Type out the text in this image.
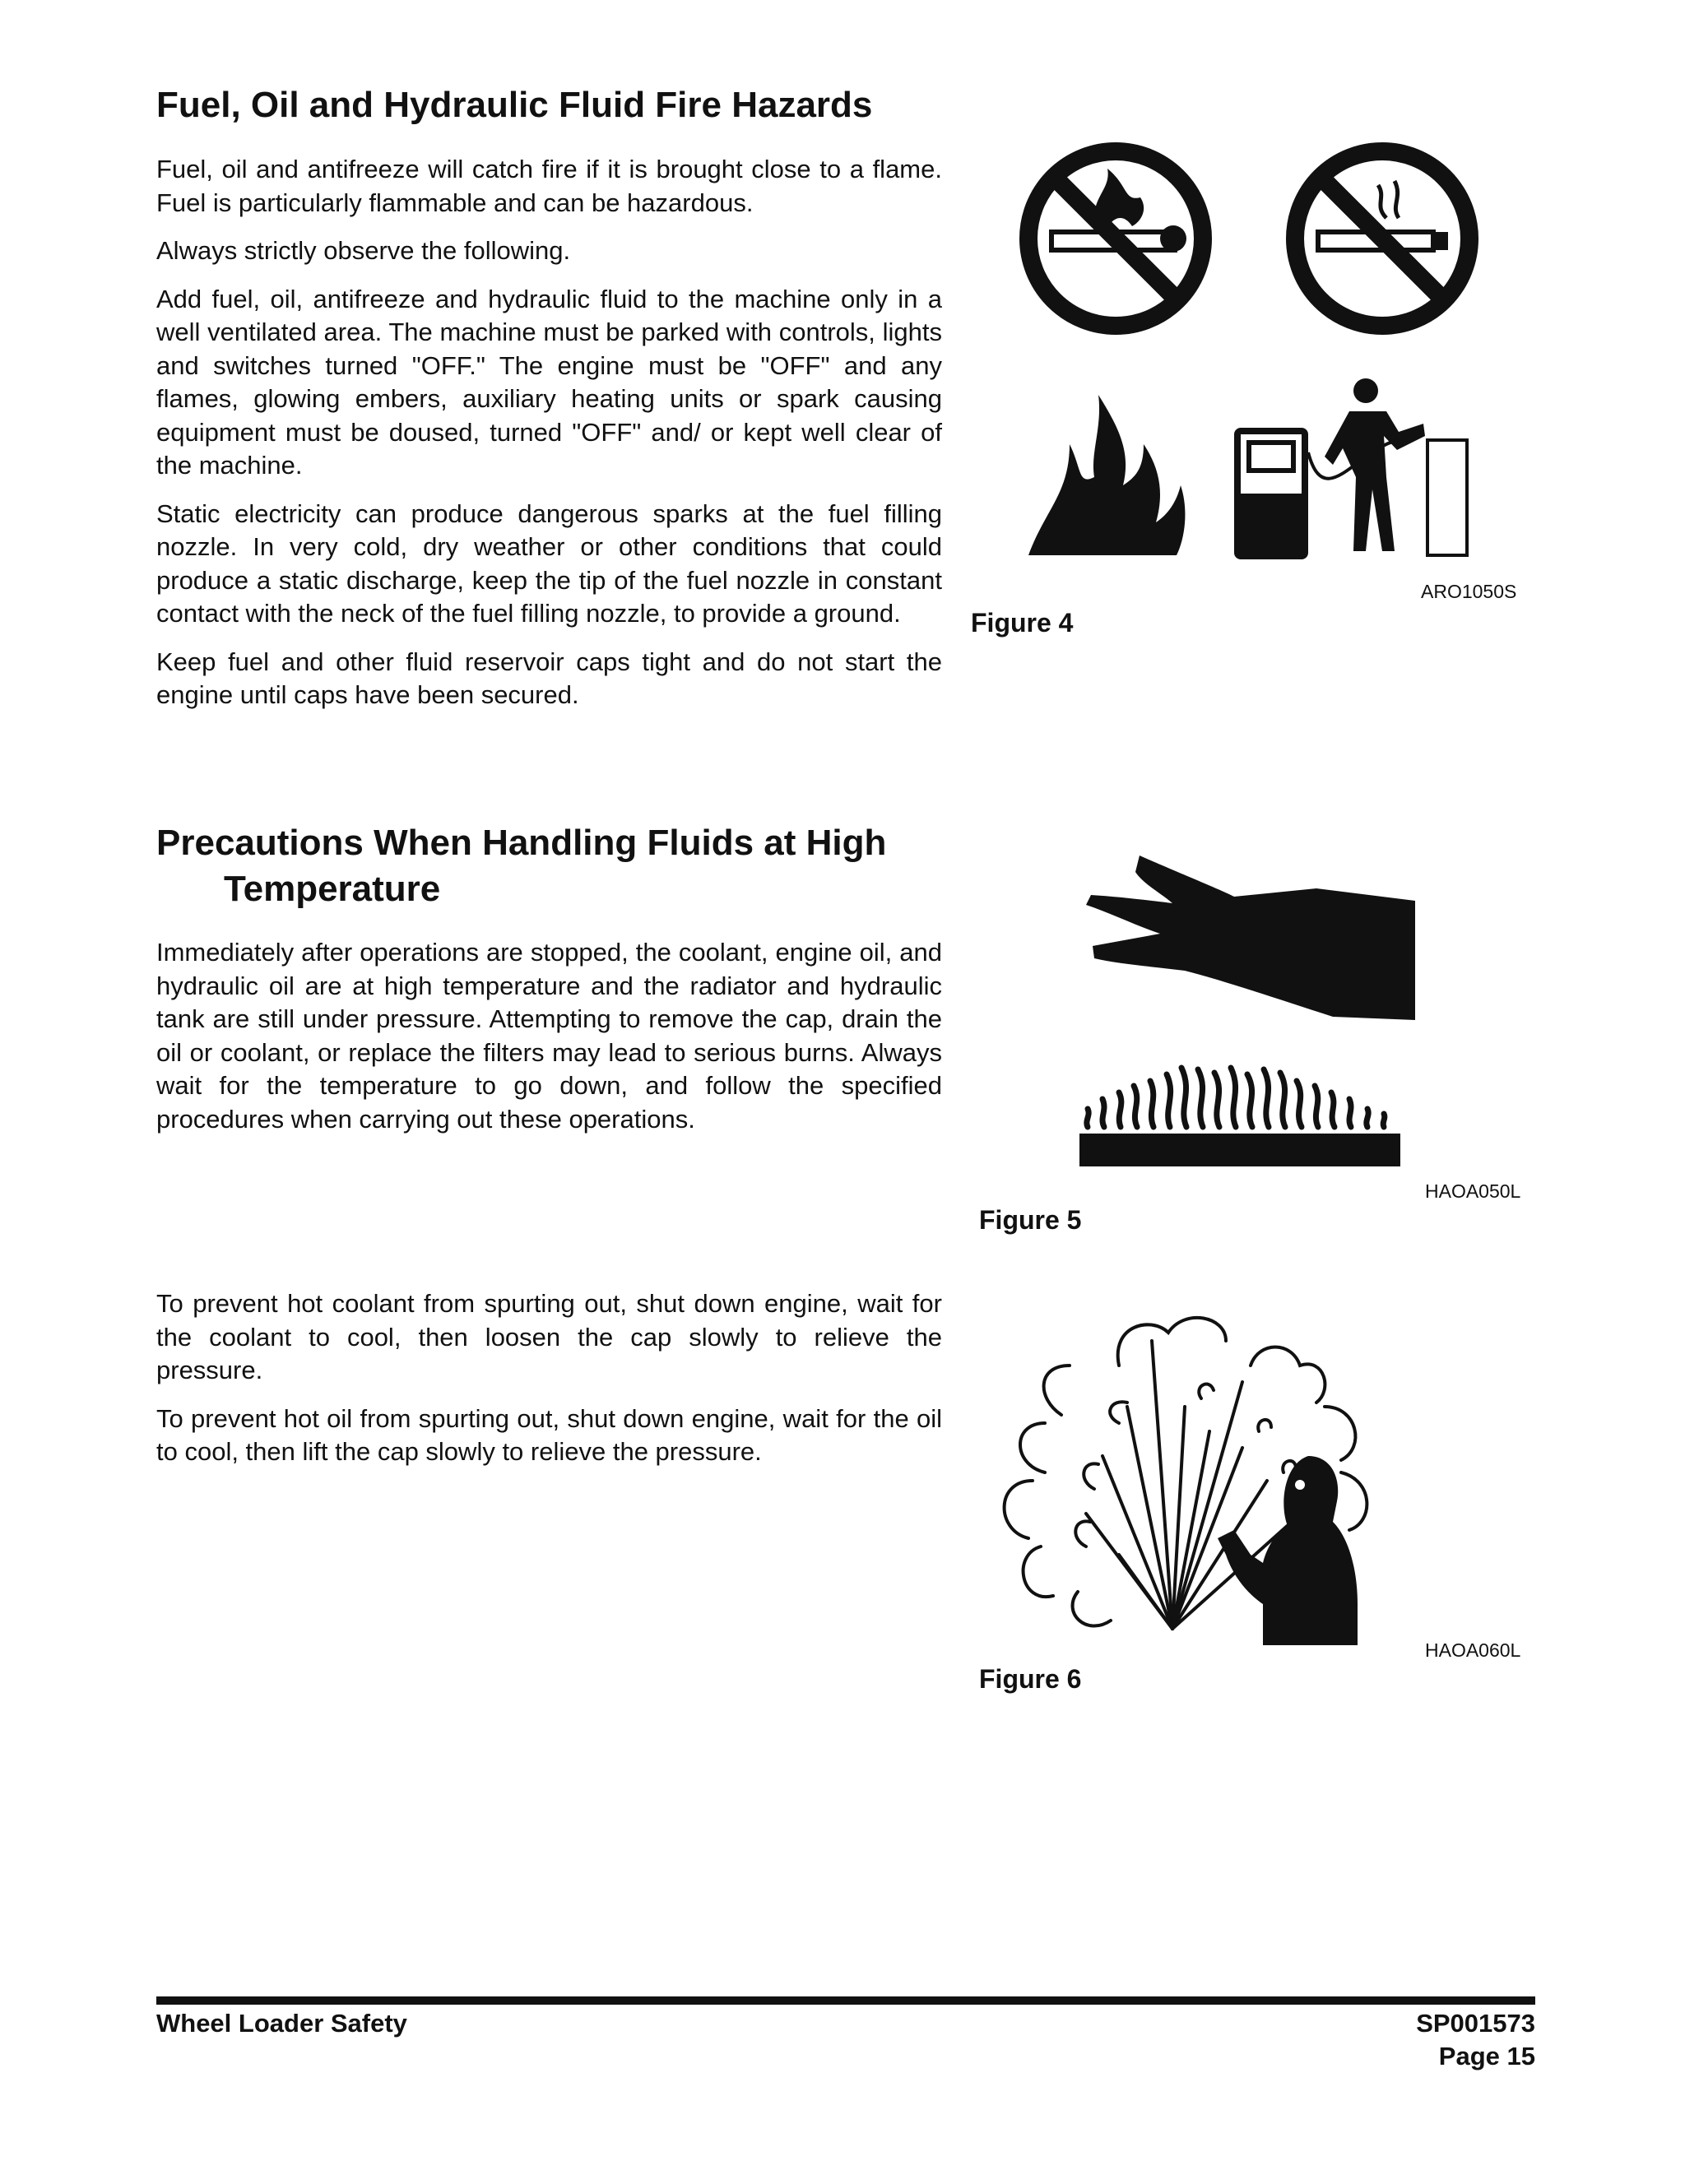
Fuel, Oil and Hydraulic Fluid Fire Hazards

Fuel, oil and antifreeze will catch fire if it is brought close to a flame. Fuel is particularly flammable and can be hazardous.

Always strictly observe the following.

Add fuel, oil, antifreeze and hydraulic fluid to the machine only in a well ventilated area. The machine must be parked with controls, lights and switches turned "OFF." The engine must be "OFF" and any flames, glowing embers, auxiliary heating units or spark causing equipment must be doused, turned "OFF" and/ or kept well clear of the machine.

Static electricity can produce dangerous sparks at the fuel filling nozzle. In very cold, dry weather or other conditions that could produce a static discharge, keep the tip of the fuel nozzle in constant contact with the neck of the fuel filling nozzle, to provide a ground.

Keep fuel and other fluid reservoir caps tight and do not start the engine until caps have been secured.

ARO1050S
Figure 4
Precautions When Handling Fluids at High
Temperature

Immediately after operations are stopped, the coolant, engine oil, and hydraulic oil are at high temperature and the radiator and hydraulic tank are still under pressure. Attempting to remove the cap, drain the oil or coolant, or replace the filters may lead to serious burns. Always wait for the temperature to go down, and follow the specified procedures when carrying out these operations.

HAOA050L
Figure 5

To prevent hot coolant from spurting out, shut down engine, wait for the coolant to cool, then loosen the cap slowly to relieve the pressure.

To prevent hot oil from spurting out, shut down engine, wait for the oil to cool, then lift the cap slowly to relieve the pressure.

HAOA060L
Figure 6
Wheel Loader Safety	SP001573
Page 15
